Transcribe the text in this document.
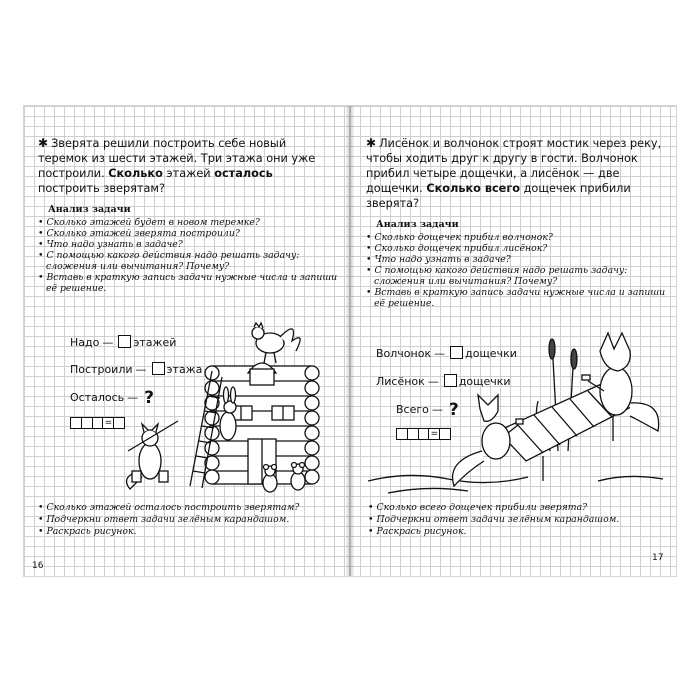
✱ Зверята решили построить себе новый теремок из шести этажей. Три этажа они уже построили. Сколько этажей осталось построить зверятам?
Анализ задачи
• Сколько этажей будет в новом теремке?
• Сколько этажей зверята построили?
• Что надо узнать в задаче?
• С помощью какого действия надо решать задачу: сложения или вычитания? Почему?
• Вставь в краткую запись задачи нужные числа и запиши её решение.
Надо — этажей
Построили — этажа
Осталось — ?
=
• Сколько этажей осталось построить зверятам?
• Подчеркни ответ задачи зелёным карандашом.
• Раскрась рисунок.
16
✱ Лисёнок и волчонок строят мостик через реку, чтобы ходить друг к другу в гости. Волчонок прибил четыре дощечки, а лисёнок — две дощечки. Сколько всего дощечек прибили зверята?
Анализ задачи
• Сколько дощечек прибил волчонок?
• Сколько дощечек прибил лисёнок?
• Что надо узнать в задаче?
• С помощью какого действия надо решать задачу: сложения или вычитания? Почему?
• Вставь в краткую запись задачи нужные числа и запиши её решение.
Волчонок — дощечки
Лисёнок — дощечки
Всего — ?
=
• Сколько всего дощечек прибили зверята?
• Подчеркни ответ задачи зелёным карандашом.
• Раскрась рисунок.
17
